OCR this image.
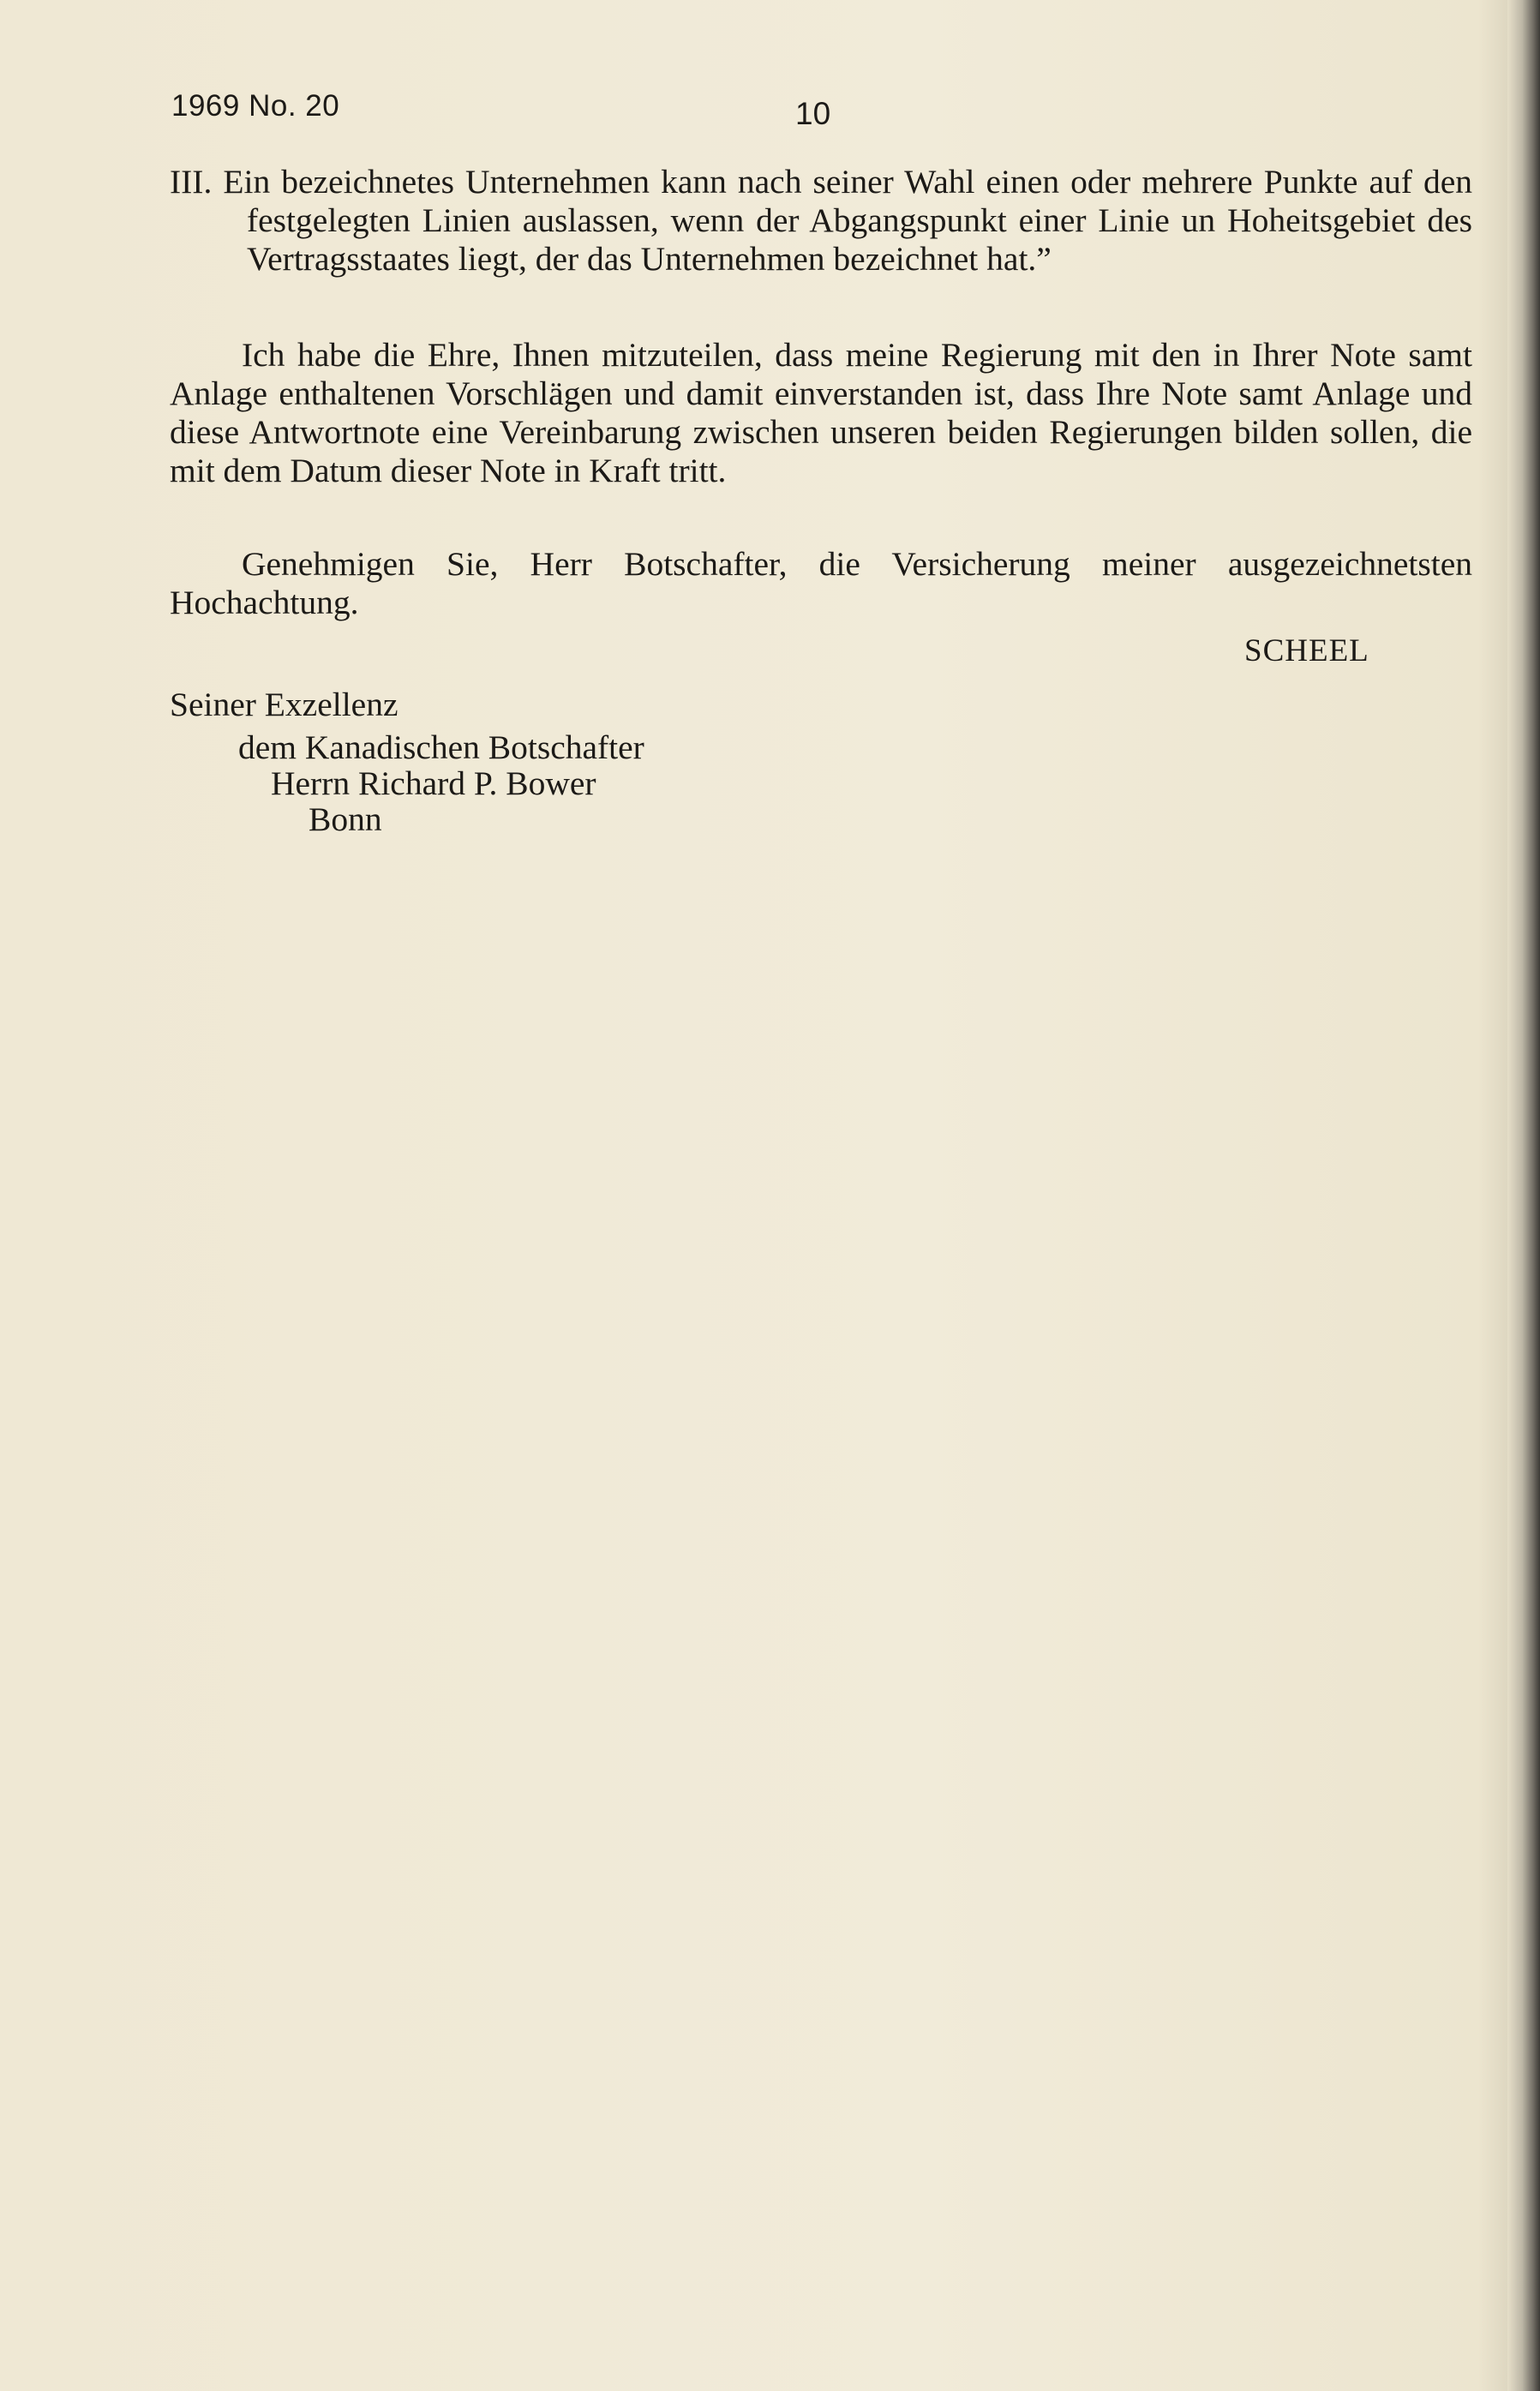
1969 No. 20	10

III. Ein bezeichnetes Unternehmen kann nach seiner Wahl einen oder mehrere Punkte auf den festgelegten Linien auslassen, wenn der Abgangspunkt einer Linie un Hoheitsgebiet des Vertragsstaates liegt, der das Unternehmen bezeichnet hat.”

Ich habe die Ehre, Ihnen mitzuteilen, dass meine Regierung mit den in Ihrer Note samt Anlage enthaltenen Vorschlägen und damit einverstanden ist, dass Ihre Note samt Anlage und diese Antwortnote eine Vereinbarung zwischen unseren beiden Regierungen bilden sollen, die mit dem Datum dieser Note in Kraft tritt.

Genehmigen Sie, Herr Botschafter, die Versicherung meiner ausgezeichnetsten Hochachtung.

SCHEEL
Seiner Exzellenz
dem Kanadischen Botschafter
Herrn Richard P. Bower
Bonn
